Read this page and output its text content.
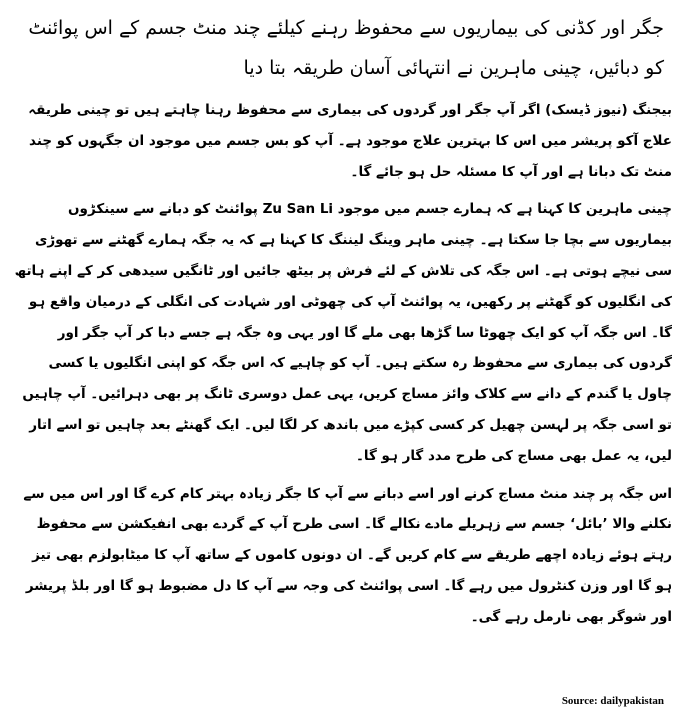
جگر اور کڈنی کی بیماریوں سے محفوظ رہنے کیلئے چند منٹ جسم کے اس پوائنٹ کو دبائیں، چینی ماہرین نے انتہائی آسان طریقہ بتا دیا

بیجنگ (نیوز ڈیسک) اگر آپ جگر اور گردوں کی بیماری سے محفوظ رہنا چاہتے ہیں تو چینی طریقہ علاج آکو پریشر میں اس کا بہترین علاج موجود ہے۔ آپ کو بس جسم میں موجود ان جگہوں کو چند منٹ تک دبانا ہے اور آپ کا مسئلہ حل ہو جائے گا۔

چینی ماہرین کا کہنا ہے کہ ہمارے جسم میں موجود Zu San Li پوائنٹ کو دبانے سے سینکڑوں بیماریوں سے بچا جا سکتا ہے۔ چینی ماہر وینگ لیننگ کا کہنا ہے کہ یہ جگہ ہمارے گھٹنے سے تھوڑی سی نیچے ہوتی ہے۔ اس جگہ کی تلاش کے لئے فرش پر بیٹھ جائیں اور ٹانگیں سیدھی کر کے اپنے ہاتھ کی انگلیوں کو گھٹنے پر رکھیں، یہ پوائنٹ آپ کی چھوٹی اور شہادت کی انگلی کے درمیان واقع ہو گا۔ اس جگہ آپ کو ایک چھوٹا سا گڑھا بھی ملے گا اور یہی وہ جگہ ہے جسے دبا کر آپ جگر اور گردوں کی بیماری سے محفوظ رہ سکتے ہیں۔ آپ کو چاہیے کہ اس جگہ کو اپنی انگلیوں یا کسی چاول یا گندم کے دانے سے کلاک وائز مساج کریں، یہی عمل دوسری ٹانگ پر بھی دہرائیں۔ آپ چاہیں تو اسی جگہ پر لہسن چھیل کر کسی کپڑے میں باندھ کر لگا لیں۔ ایک گھنٹے بعد چاہیں تو اسے اتار لیں، یہ عمل بھی مساج کی طرح مدد گار ہو گا۔

اس جگہ پر چند منٹ مساج کرنے اور اسے دبانے سے آپ کا جگر زیادہ بہتر کام کرے گا اور اس میں سے نکلنے والا ’بائل‘ جسم سے زہریلے مادے نکالے گا۔ اسی طرح آپ کے گردے بھی انفیکشن سے محفوظ رہتے ہوئے زیادہ اچھے طریقے سے کام کریں گے۔ ان دونوں کاموں کے ساتھ آپ کا میٹابولزم بھی تیز ہو گا اور وزن کنٹرول میں رہے گا۔ اسی پوائنٹ کی وجہ سے آپ کا دل مضبوط ہو گا اور بلڈ پریشر اور شوگر بھی نارمل رہے گی۔

Source: dailypakistan
